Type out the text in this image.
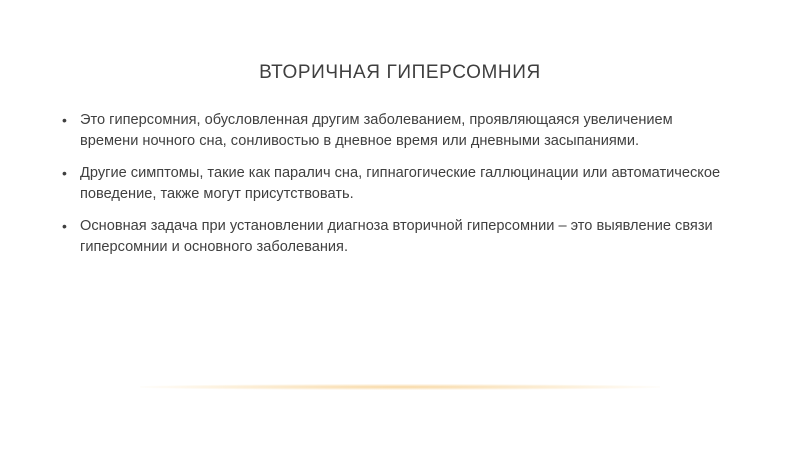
ВТОРИЧНАЯ ГИПЕРСОМНИЯ
• Это гиперсомния, обусловленная другим заболеванием, проявляющаяся увеличением времени ночного сна, сонливостью в дневное время или дневными засыпаниями.
• Другие симптомы, такие как паралич сна, гипнагогические галлюцинации или автоматическое поведение, также могут присутствовать.
• Основная задача при установлении диагноза вторичной гиперсомнии – это выявление связи гиперсомнии и основного заболевания.
